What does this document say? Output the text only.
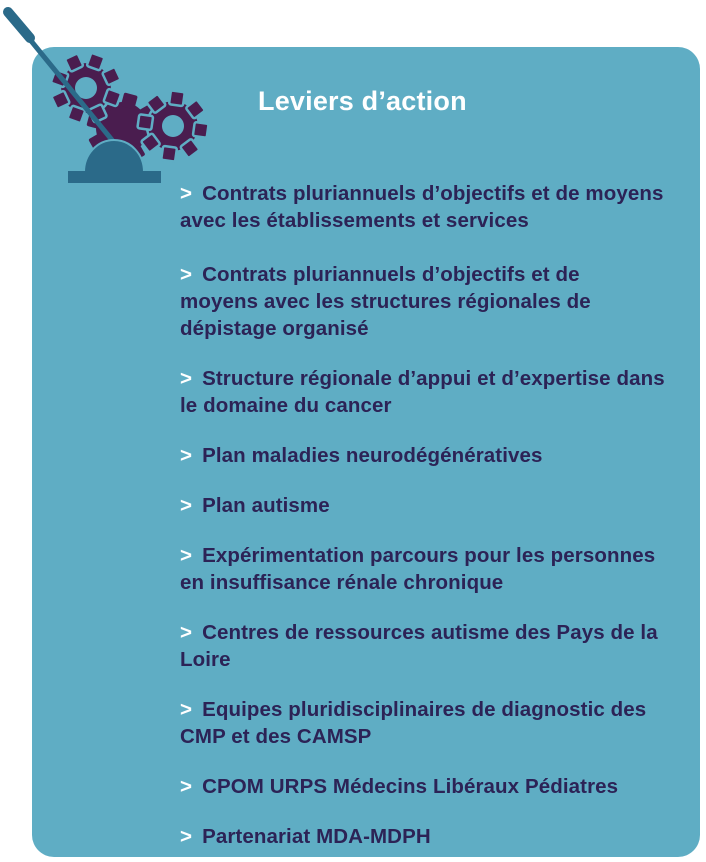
Leviers d’action
> Contrats pluriannuels d’objectifs et de moyens avec les établissements et services
> Contrats pluriannuels d’objectifs et de moyens avec les structures régionales de dépistage organisé
> Structure régionale d’appui et d’expertise dans le domaine du cancer
> Plan maladies neurodégénératives
> Plan autisme
> Expérimentation parcours pour les personnes en insuffisance rénale chronique
> Centres de ressources autisme des Pays de la Loire
> Equipes pluridisciplinaires de diagnostic des CMP et des CAMSP
> CPOM URPS Médecins Libéraux Pédiatres
> Partenariat MDA-MDPH
